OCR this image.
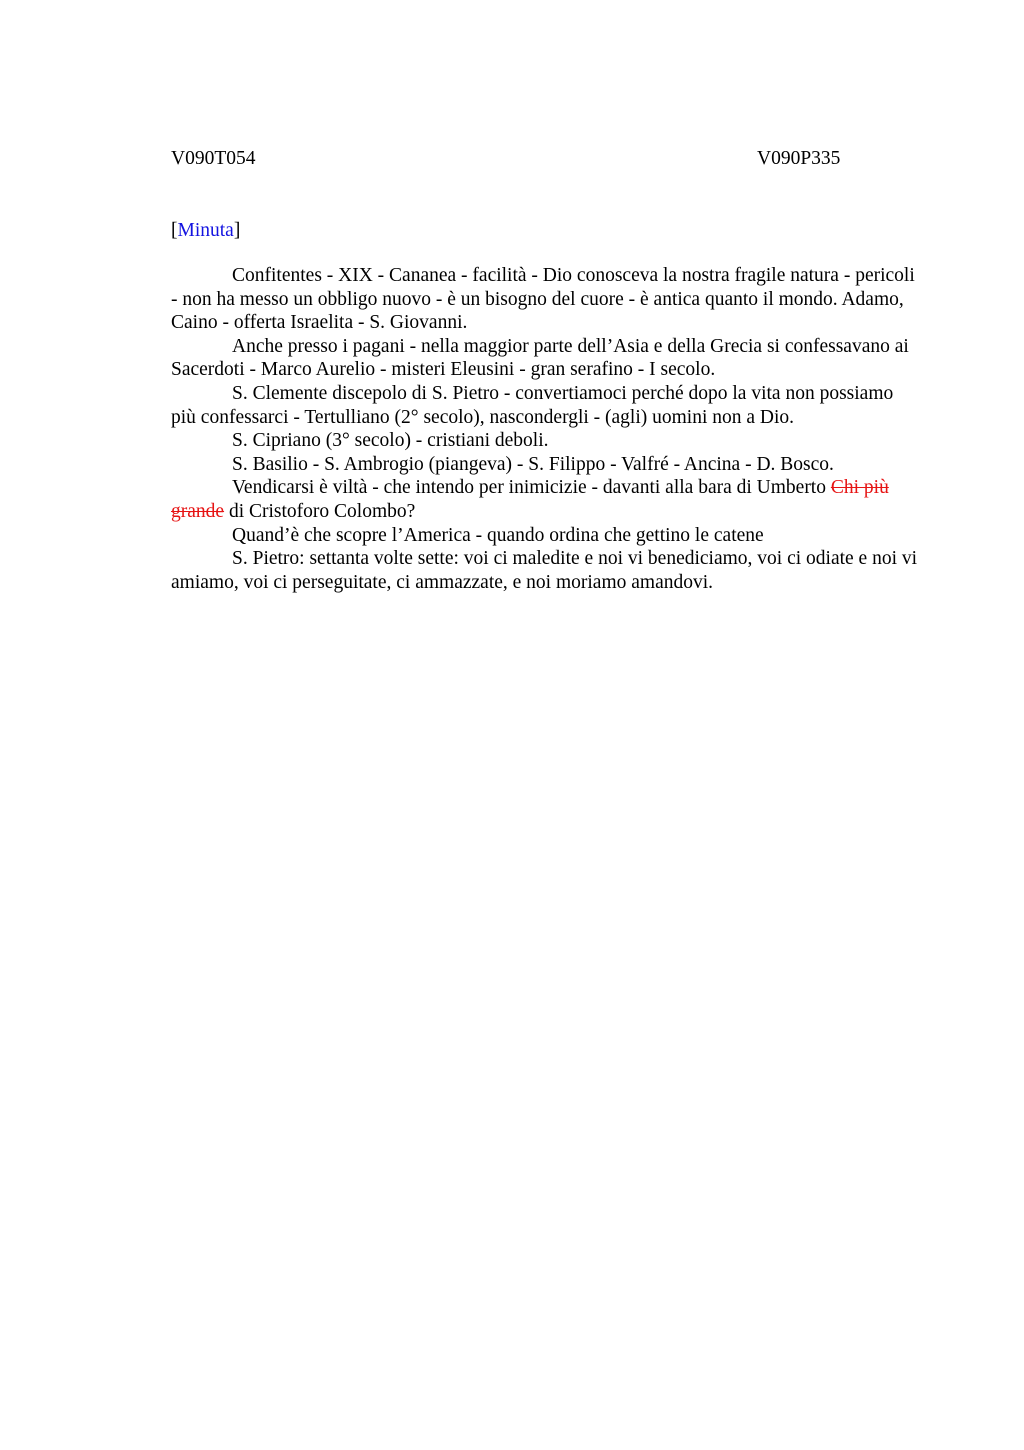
V090T054	V090P335
[Minuta]

Confitentes - XIX - Cananea - facilità - Dio conosceva la nostra fragile natura - pericoli - non ha messo un obbligo nuovo - è un bisogno del cuore - è antica quanto il mondo. Adamo, Caino - offerta Israelita - S. Giovanni.

Anche presso i pagani - nella maggior parte dell’Asia e della Grecia si confessavano ai Sacerdoti - Marco Aurelio - misteri Eleusini - gran serafino - I secolo.

S. Clemente discepolo di S. Pietro - convertiamoci perché dopo la vita non possiamo più confessarci - Tertulliano (2° secolo), nascondergli - (agli) uomini non a Dio.

S. Cipriano (3° secolo) - cristiani deboli.

S. Basilio - S. Ambrogio (piangeva) - S. Filippo - Valfré - Ancina - D. Bosco.

Vendicarsi è viltà - che intendo per inimicizie - davanti alla bara di Umberto Chi più grande di Cristoforo Colombo?

Quand’è che scopre l’America - quando ordina che gettino le catene

S. Pietro: settanta volte sette: voi ci maledite e noi vi benediciamo, voi ci odiate e noi vi amiamo, voi ci perseguitate, ci ammazzate, e noi moriamo amandovi.
